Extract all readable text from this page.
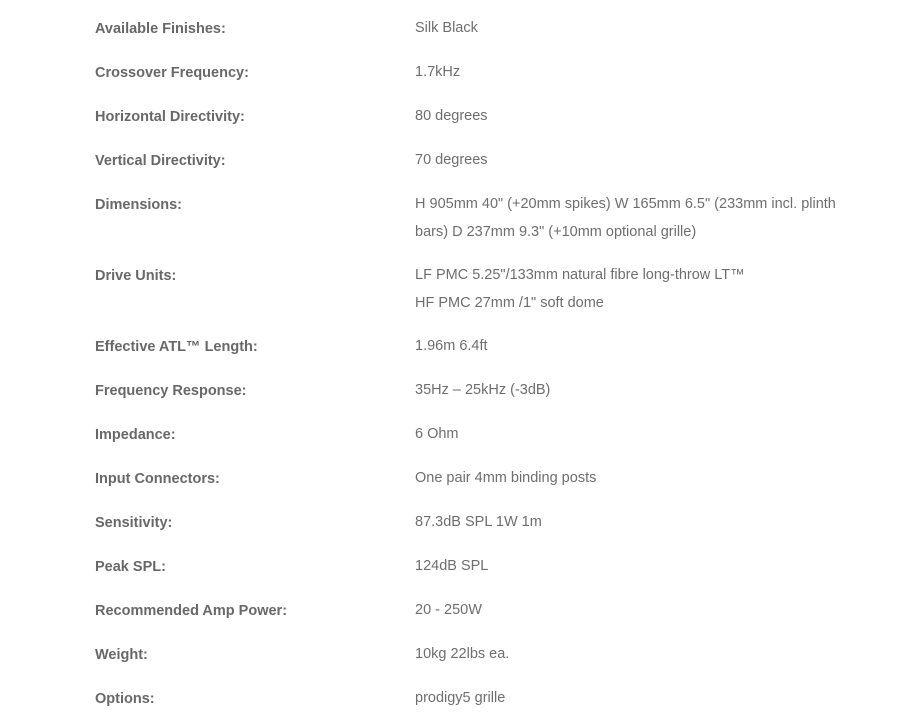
Available Finishes:	Silk Black
Crossover Frequency:	1.7kHz
Horizontal Directivity:	80 degrees
Vertical Directivity:	70 degrees
Dimensions:	H 905mm 40" (+20mm spikes) W 165mm 6.5" (233mm incl. plinth
bars) D 237mm 9.3" (+10mm optional grille)
Drive Units:	LF PMC 5.25"/133mm natural fibre long-throw LT™
HF PMC 27mm /1" soft dome
Effective ATL™ Length:	1.96m 6.4ft
Frequency Response:	35Hz – 25kHz (-3dB)
Impedance:	6 Ohm
Input Connectors:	One pair 4mm binding posts
Sensitivity:	87.3dB SPL 1W 1m
Peak SPL:	124dB SPL
Recommended Amp Power:	20 - 250W
Weight:	10kg 22lbs ea.
Options:	prodigy5 grille
